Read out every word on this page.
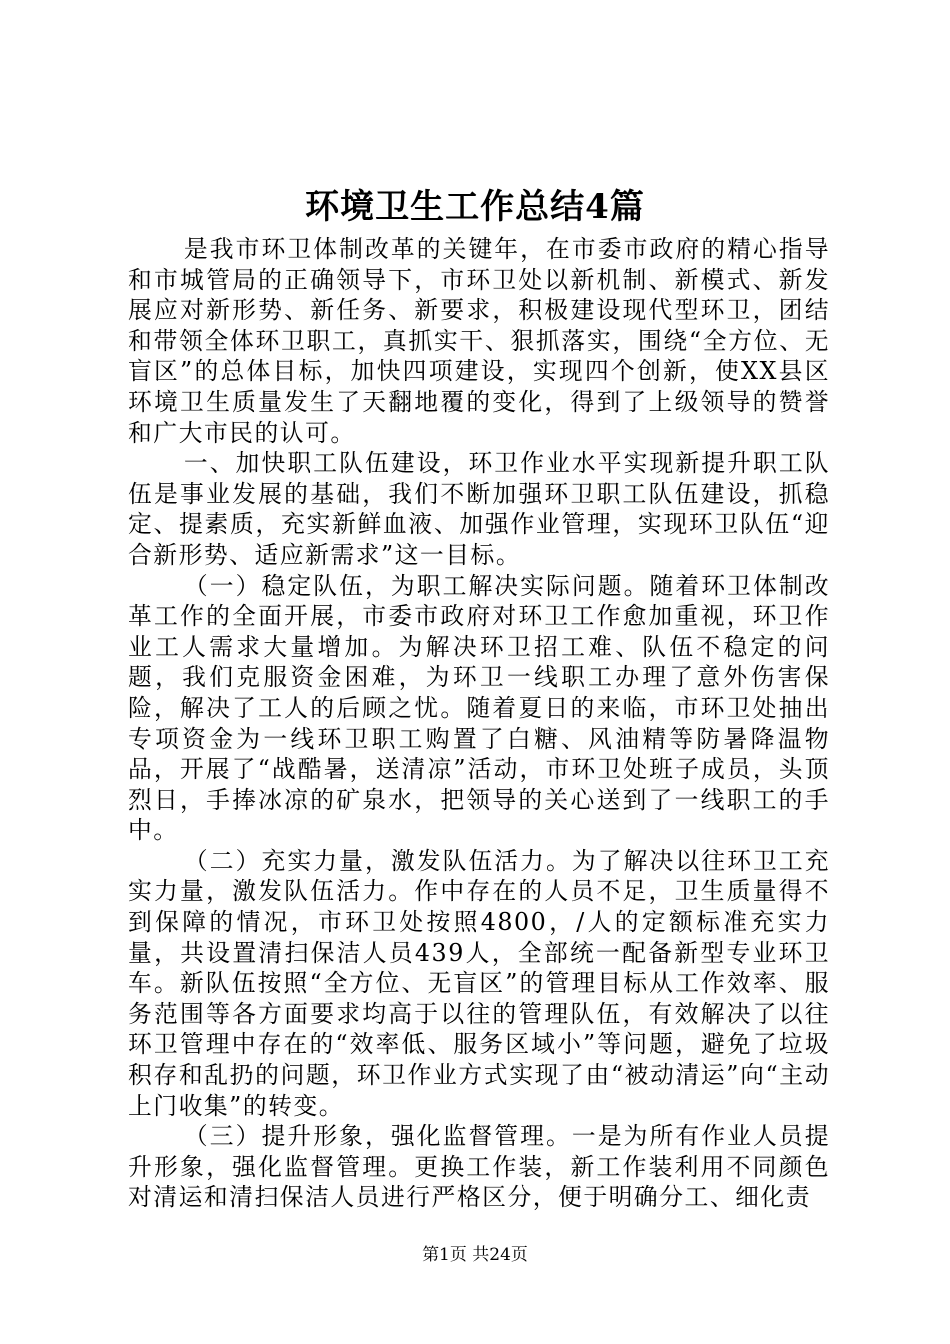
环境卫生工作总结4篇

是我市环卫体制改革的关键年，在市委市政府的精心指导和市城管局的正确领导下，市环卫处以新机制、新模式、新发展应对新形势、新任务、新要求，积极建设现代型环卫，团结和带领全体环卫职工，真抓实干、狠抓落实，围绕“全方位、无盲区”的总体目标，加快四项建设，实现四个创新，使XX县区环境卫生质量发生了天翻地覆的变化，得到了上级领导的赞誉和广大市民的认可。

一、加快职工队伍建设，环卫作业水平实现新提升职工队伍是事业发展的基础，我们不断加强环卫职工队伍建设，抓稳定、提素质，充实新鲜血液、加强作业管理，实现环卫队伍“迎合新形势、适应新需求”这一目标。

（一）稳定队伍，为职工解决实际问题。随着环卫体制改革工作的全面开展，市委市政府对环卫工作愈加重视，环卫作业工人需求大量增加。为解决环卫招工难、队伍不稳定的问题，我们克服资金困难，为环卫一线职工办理了意外伤害保险，解决了工人的后顾之忧。随着夏日的来临，市环卫处抽出专项资金为一线环卫职工购置了白糖、风油精等防暑降温物品，开展了“战酷暑，送清凉”活动，市环卫处班子成员，头顶烈日，手捧冰凉的矿泉水，把领导的关心送到了一线职工的手中。

（二）充实力量，激发队伍活力。为了解决以往环卫工充实力量，激发队伍活力。作中存在的人员不足，卫生质量得不到保障的情况，市环卫处按照4800，/人的定额标准充实力量，共设置清扫保洁人员439人，全部统一配备新型专业环卫车。新队伍按照“全方位、无盲区”的管理目标从工作效率、服务范围等各方面要求均高于以往的管理队伍，有效解决了以往环卫管理中存在的“效率低、服务区域小”等问题，避免了垃圾积存和乱扔的问题，环卫作业方式实现了由“被动清运”向“主动上门收集”的转变。

（三）提升形象，强化监督管理。一是为所有作业人员提升形象，强化监督管理。更换工作装，新工作装利用不同颜色对清运和清扫保洁人员进行严格区分，便于明确分工、细化责

第1页 共24页
